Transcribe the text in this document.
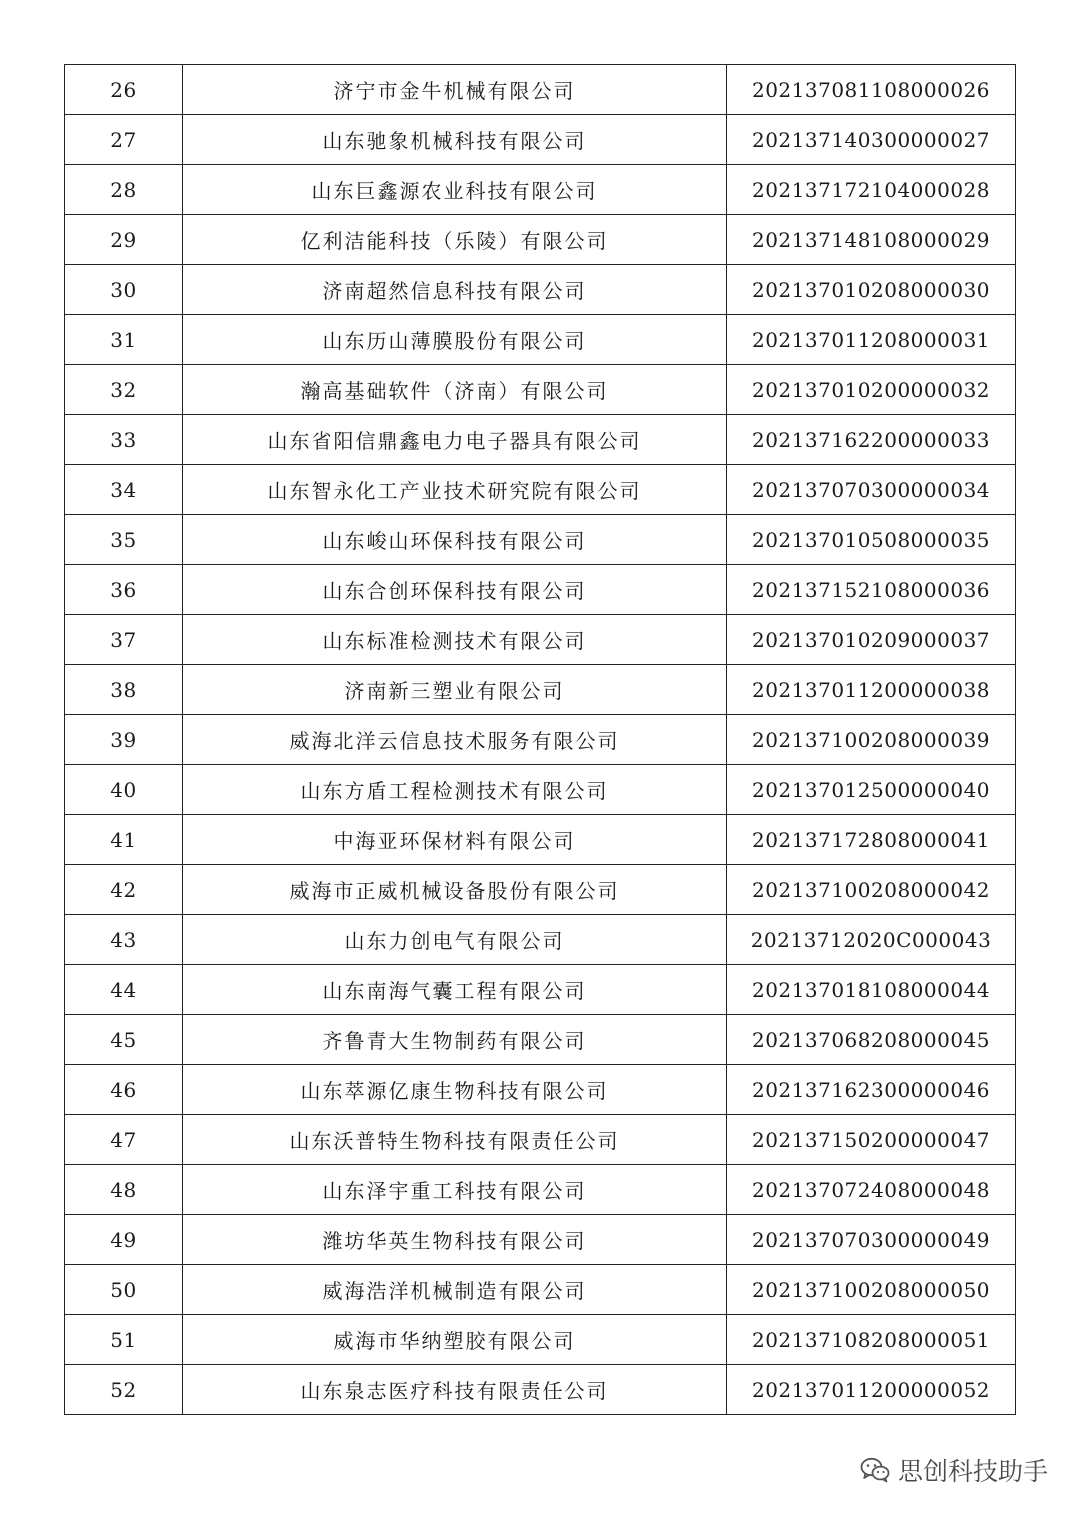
26	济宁市金牛机械有限公司	202137081108000026
27	山东驰象机械科技有限公司	202137140300000027
28	山东巨鑫源农业科技有限公司	202137172104000028
29	亿利洁能科技（乐陵）有限公司	202137148108000029
30	济南超然信息科技有限公司	202137010208000030
31	山东历山薄膜股份有限公司	202137011208000031
32	瀚高基础软件（济南）有限公司	202137010200000032
33	山东省阳信鼎鑫电力电子器具有限公司	202137162200000033
34	山东智永化工产业技术研究院有限公司	202137070300000034
35	山东峻山环保科技有限公司	202137010508000035
36	山东合创环保科技有限公司	202137152108000036
37	山东标准检测技术有限公司	202137010209000037
38	济南新三塑业有限公司	202137011200000038
39	威海北洋云信息技术服务有限公司	202137100208000039
40	山东方盾工程检测技术有限公司	202137012500000040
41	中海亚环保材料有限公司	202137172808000041
42	威海市正威机械设备股份有限公司	202137100208000042
43	山东力创电气有限公司	20213712020C000043
44	山东南海气囊工程有限公司	202137018108000044
45	齐鲁青大生物制药有限公司	202137068208000045
46	山东萃源亿康生物科技有限公司	202137162300000046
47	山东沃普特生物科技有限责任公司	202137150200000047
48	山东泽宇重工科技有限公司	202137072408000048
49	潍坊华英生物科技有限公司	202137070300000049
50	威海浩洋机械制造有限公司	202137100208000050
51	威海市华纳塑胶有限公司	202137108208000051
52	山东泉志医疗科技有限责任公司	202137011200000052
思创科技助手
